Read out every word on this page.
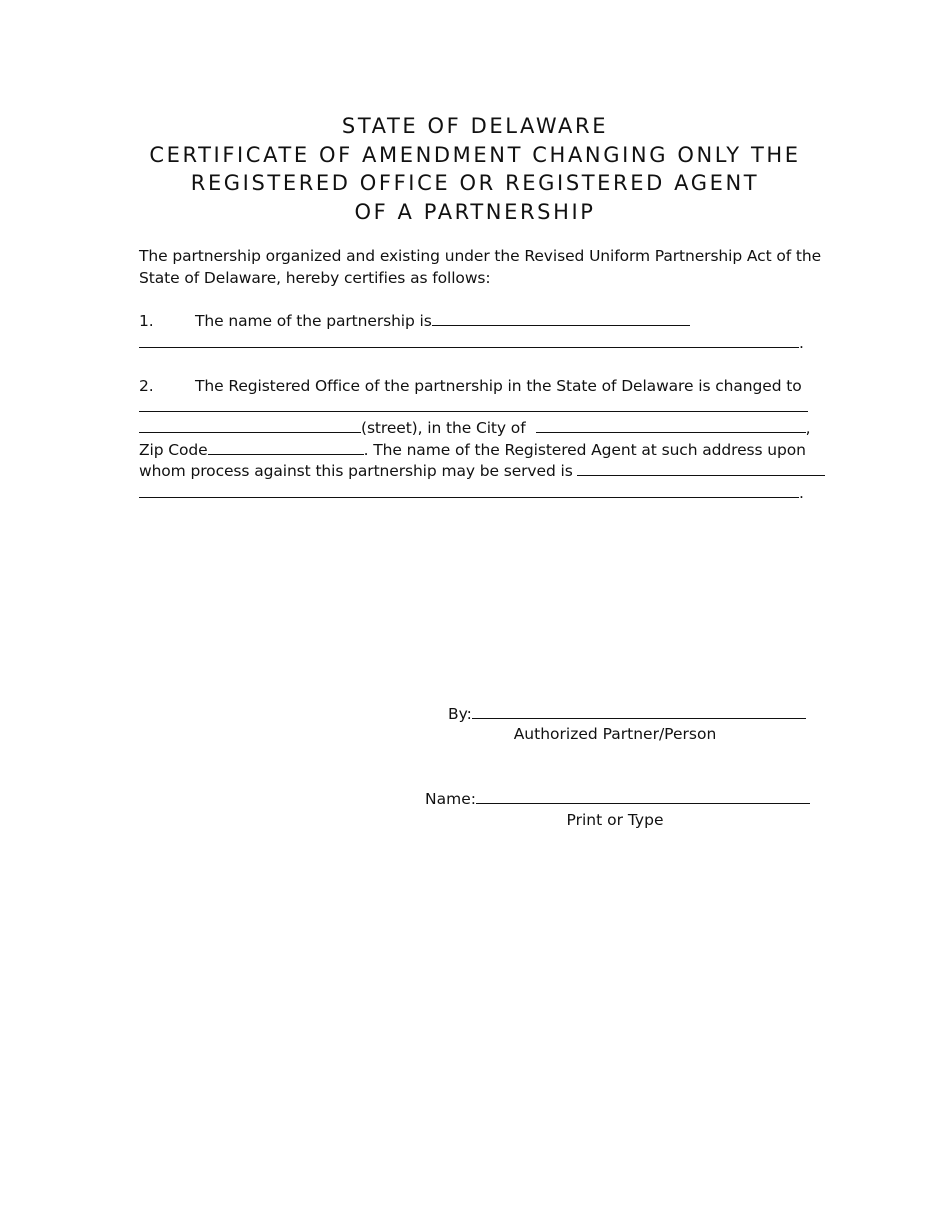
STATE OF DELAWARE
CERTIFICATE OF AMENDMENT CHANGING ONLY THE
REGISTERED OFFICE OR REGISTERED AGENT
OF A PARTNERSHIP
The partnership organized and existing under the Revised Uniform Partnership Act of the
State of Delaware, hereby certifies as follows:
1.	The name of the partnership is
.
2.	The Registered Office of the partnership in the State of Delaware is changed to
(street), in the City of	,
Zip Code	. The name of the Registered Agent at such address upon
whom process against this partnership may be served is
.
By:
Authorized Partner/Person
Name:
Print or Type
